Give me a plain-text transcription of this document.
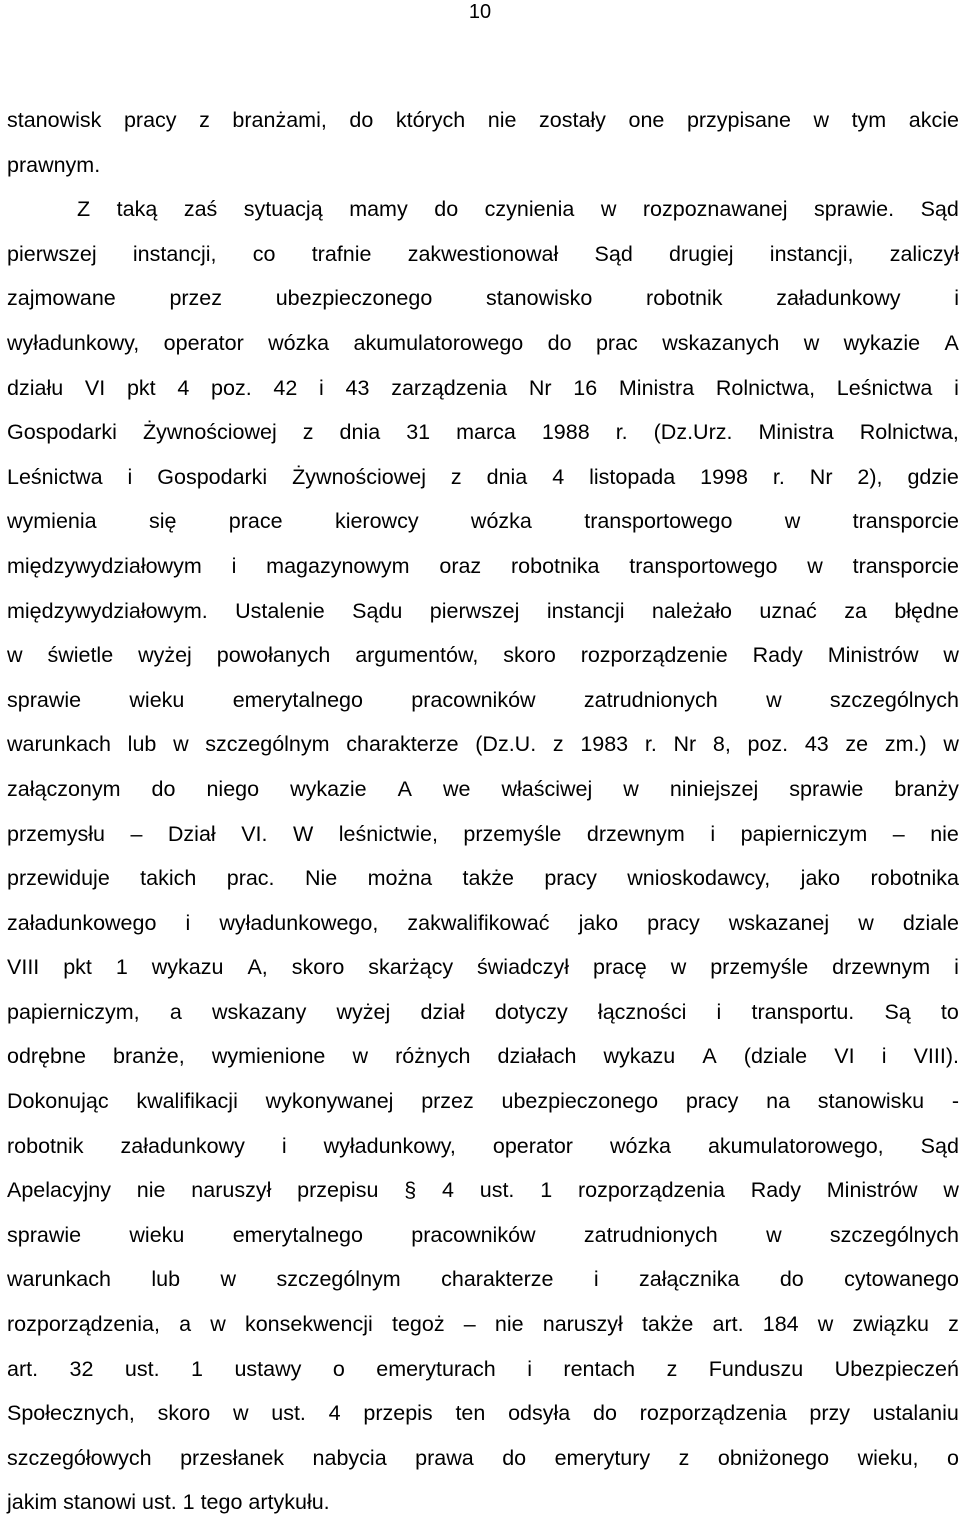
10
stanowisk pracy z branżami, do których nie zostały one przypisane w tym akcie
prawnym.
Z taką zaś sytuacją mamy do czynienia w rozpoznawanej sprawie. Sąd
pierwszej instancji, co trafnie zakwestionował Sąd drugiej instancji, zaliczył
zajmowane przez ubezpieczonego stanowisko robotnik załadunkowy i
wyładunkowy, operator wózka akumulatorowego do prac wskazanych w wykazie A
działu VI pkt 4 poz. 42 i 43 zarządzenia Nr 16 Ministra Rolnictwa, Leśnictwa i
Gospodarki Żywnościowej z dnia 31 marca 1988 r. (Dz.Urz. Ministra Rolnictwa,
Leśnictwa i Gospodarki Żywnościowej z dnia 4 listopada 1998 r. Nr 2), gdzie
wymienia się prace kierowcy wózka transportowego w transporcie
międzywydziałowym i magazynowym oraz robotnika transportowego w transporcie
międzywydziałowym. Ustalenie Sądu pierwszej instancji należało uznać za błędne
w świetle wyżej powołanych argumentów, skoro rozporządzenie Rady Ministrów w
sprawie wieku emerytalnego pracowników zatrudnionych w szczególnych
warunkach lub w szczególnym charakterze (Dz.U. z 1983 r. Nr 8, poz. 43 ze zm.) w
załączonym do niego wykazie A we właściwej w niniejszej sprawie branży
przemysłu – Dział VI. W leśnictwie, przemyśle drzewnym i papierniczym – nie
przewiduje takich prac. Nie można także pracy wnioskodawcy, jako robotnika
załadunkowego i wyładunkowego, zakwalifikować jako pracy wskazanej w dziale
VIII pkt 1 wykazu A, skoro skarżący świadczył pracę w przemyśle drzewnym i
papierniczym, a wskazany wyżej dział dotyczy łączności i transportu. Są to
odrębne branże, wymienione w różnych działach wykazu A (dziale VI i VIII).
Dokonując kwalifikacji wykonywanej przez ubezpieczonego pracy na stanowisku -
robotnik załadunkowy i wyładunkowy, operator wózka akumulatorowego, Sąd
Apelacyjny nie naruszył przepisu § 4 ust. 1 rozporządzenia Rady Ministrów w
sprawie wieku emerytalnego pracowników zatrudnionych w szczególnych
warunkach lub w szczególnym charakterze i załącznika do cytowanego
rozporządzenia, a w konsekwencji tegoż – nie naruszył także art. 184 w związku z
art. 32 ust. 1 ustawy o emeryturach i rentach z Funduszu Ubezpieczeń
Społecznych, skoro w ust. 4 przepis ten odsyła do rozporządzenia przy ustalaniu
szczegółowych przesłanek nabycia prawa do emerytury z obniżonego wieku, o
jakim stanowi ust. 1 tego artykułu.
